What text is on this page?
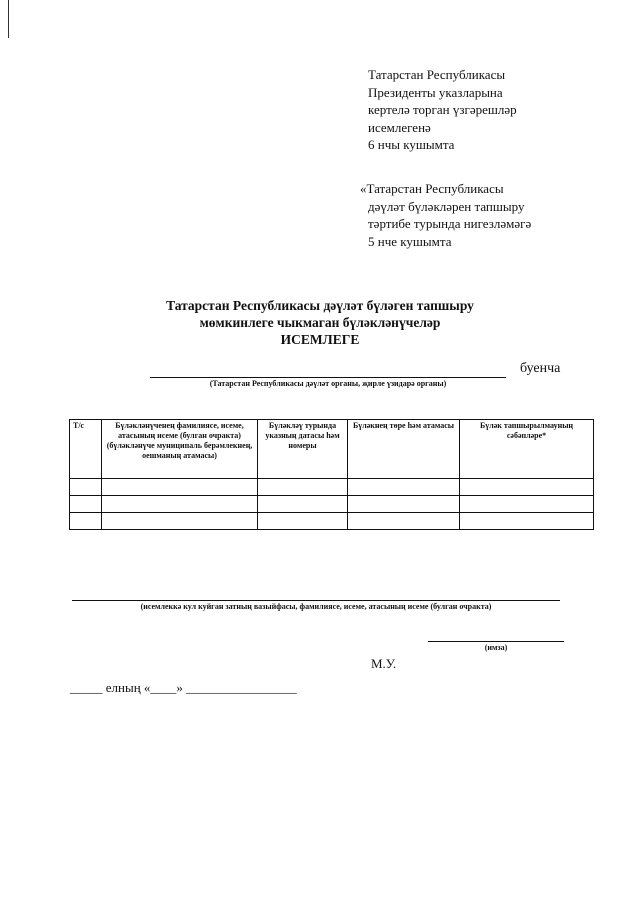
Татарстан Республикасы
Президенты указларына
кертелә торган үзгәрешләр
исемлегенә
6 нчы кушымта
«Татарстан Республикасы
дәүләт бүләкләрен тапшыру
тәртибе турында нигезләмәгә
5 нче кушымта
Татарстан Республикасы дәүләт бүләген тапшыру
мөмкинлеге чыкмаган бүләкләнүчеләр
ИСЕМЛЕГЕ
буенча
(Татарстан Республикасы дәүләт органы, җирле үзидарә органы)
Т/с	Бүләкләнүченең фамилиясе, исеме, атасының исеме (булган очракта) (бүләкләнүче муниципаль берәмлекнең, оешманың атамасы)	Бүләкләү турында указның датасы һәм номеры	Бүләкнең төре һәм атамасы	Бүләк тапшырылмауның сәбәпләре*

(исемлеккә кул куйган затның вазыйфасы, фамилиясе, исеме, атасының исеме (булган очракта)
(имза)
М.У.
_____ елның «____» _________________
